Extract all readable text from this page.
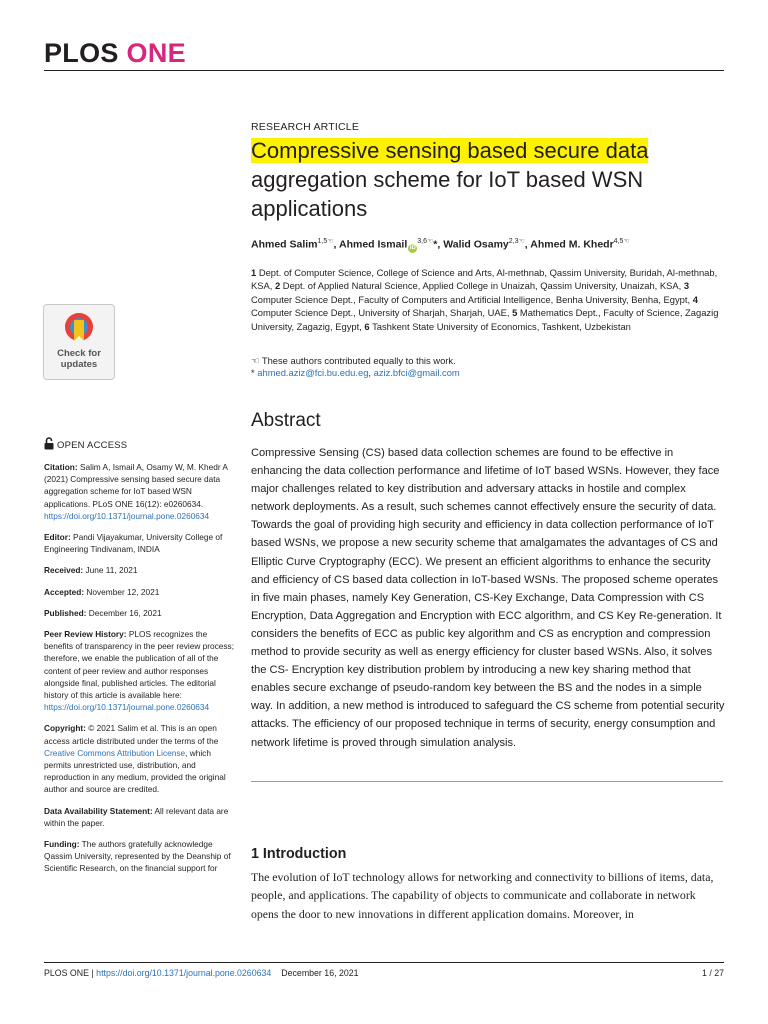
PLOS ONE
RESEARCH ARTICLE
Compressive sensing based secure data
aggregation scheme for IoT based WSN
applications
Ahmed Salim$^{1,5☜}$, Ahmed Ismail $iD^{3,6☜}*$, Walid Osamy$^{2,3☜}$, Ahmed M. Khedr$^{4,5☜}$
1 Dept. of Computer Science, College of Science and Arts, Al-methnab, Qassim University, Buridah, Al-methnab, KSA, 2 Dept. of Applied Natural Science, Applied College in Unaizah, Qassim University, Unaizah, KSA, 3 Computer Science Dept., Faculty of Computers and Artificial Intelligence, Benha University, Benha, Egypt, 4 Computer Science Dept., University of Sharjah, Sharjah, UAE, 5 Mathematics Dept., Faculty of Science, Zagazig University, Zagazig, Egypt, 6 Tashkent State University of Economics, Tashkent, Uzbekistan
☜ These authors contributed equally to this work.
* ahmed.aziz@fci.bu.edu.eg, aziz.bfci@gmail.com
Check for
updates
OPEN ACCESS

Citation: Salim A, Ismail A, Osamy W, M. Khedr A (2021) Compressive sensing based secure data aggregation scheme for IoT based WSN applications. PLoS ONE 16(12): e0260634. https://doi.org/10.1371/journal.pone.0260634

Editor: Pandi Vijayakumar, University College of Engineering Tindivanam, INDIA

Received: June 11, 2021

Accepted: November 12, 2021

Published: December 16, 2021

Peer Review History: PLOS recognizes the benefits of transparency in the peer review process; therefore, we enable the publication of all of the content of peer review and author responses alongside final, published articles. The editorial history of this article is available here: https://doi.org/10.1371/journal.pone.0260634

Copyright: © 2021 Salim et al. This is an open access article distributed under the terms of the Creative Commons Attribution License, which permits unrestricted use, distribution, and reproduction in any medium, provided the original author and source are credited.

Data Availability Statement: All relevant data are within the paper.

Funding: The authors gratefully acknowledge Qassim University, represented by the Deanship of Scientific Research, on the financial support for

Abstract

Compressive Sensing (CS) based data collection schemes are found to be effective in enhancing the data collection performance and lifetime of IoT based WSNs. However, they face major challenges related to key distribution and adversary attacks in hostile and complex network deployments. As a result, such schemes cannot effectively ensure the security of data. Towards the goal of providing high security and efficiency in data collection performance of IoT based WSNs, we propose a new security scheme that amalgamates the advantages of CS and Elliptic Curve Cryptography (ECC). We present an efficient algorithms to enhance the security and efficiency of CS based data collection in IoT-based WSNs. The proposed scheme operates in five main phases, namely Key Generation, CS-Key Exchange, Data Compression with CS Encryption, Data Aggregation and Encryption with ECC algorithm, and CS Key Re-generation. It considers the benefits of ECC as public key algorithm and CS as encryption and compression method to provide security as well as energy efficiency for cluster based WSNs. Also, it solves the CS- Encryption key distribution problem by introducing a new key sharing method that enables secure exchange of pseudo-random key between the BS and the nodes in a simple way. In addition, a new method is introduced to safeguard the CS scheme from potential security attacks. The efficiency of our proposed technique in terms of security, energy consumption and network lifetime is proved through simulation analysis.

1 Introduction

The evolution of IoT technology allows for networking and connectivity to billions of items, data, people, and applications. The capability of objects to communicate and collaborate in network opens the door to new innovations in different application domains. Moreover, in

PLOS ONE | https://doi.org/10.1371/journal.pone.0260634 December 16, 2021	1 / 27
